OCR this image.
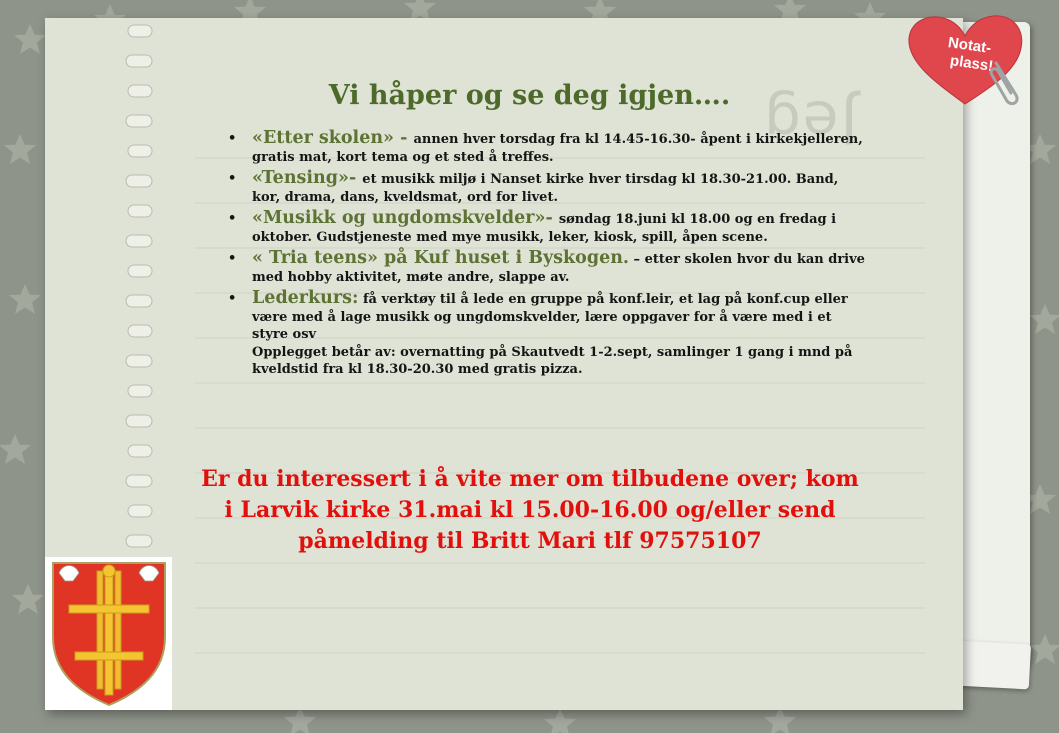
Jeg
Vi håper og se deg igjen….
• «Etter skolen» - annen hver torsdag fra kl 14.45-16.30- åpent i kirkekjelleren, gratis mat, kort tema og et sted å treffes.
• «Tensing»- et musikk miljø i Nanset kirke hver tirsdag kl 18.30-21.00. Band, kor, drama, dans, kveldsmat, ord for livet.
• «Musikk og ungdomskvelder»- søndag 18.juni kl 18.00 og en fredag i oktober. Gudstjeneste med mye musikk, leker, kiosk, spill, åpen scene.
• « Tria teens» på Kuf huset i Byskogen. – etter skolen hvor du kan drive med hobby aktivitet, møte andre, slappe av.
• Lederkurs: få verktøy til å lede en gruppe på konf.leir, et lag på konf.cup eller være med å lage musikk og ungdomskvelder, lære oppgaver for å være med i et styre osv
Opplegget betår av: overnatting på Skautvedt 1-2.sept, samlinger 1 gang i mnd på kveldstid fra kl 18.30-20.30 med gratis pizza.

Er du interessert i å vite mer om tilbudene over; kom
i Larvik kirke 31.mai kl 15.00-16.00 og/eller send
påmelding til Britt Mari tlf 97575107

Notat-
plass!
